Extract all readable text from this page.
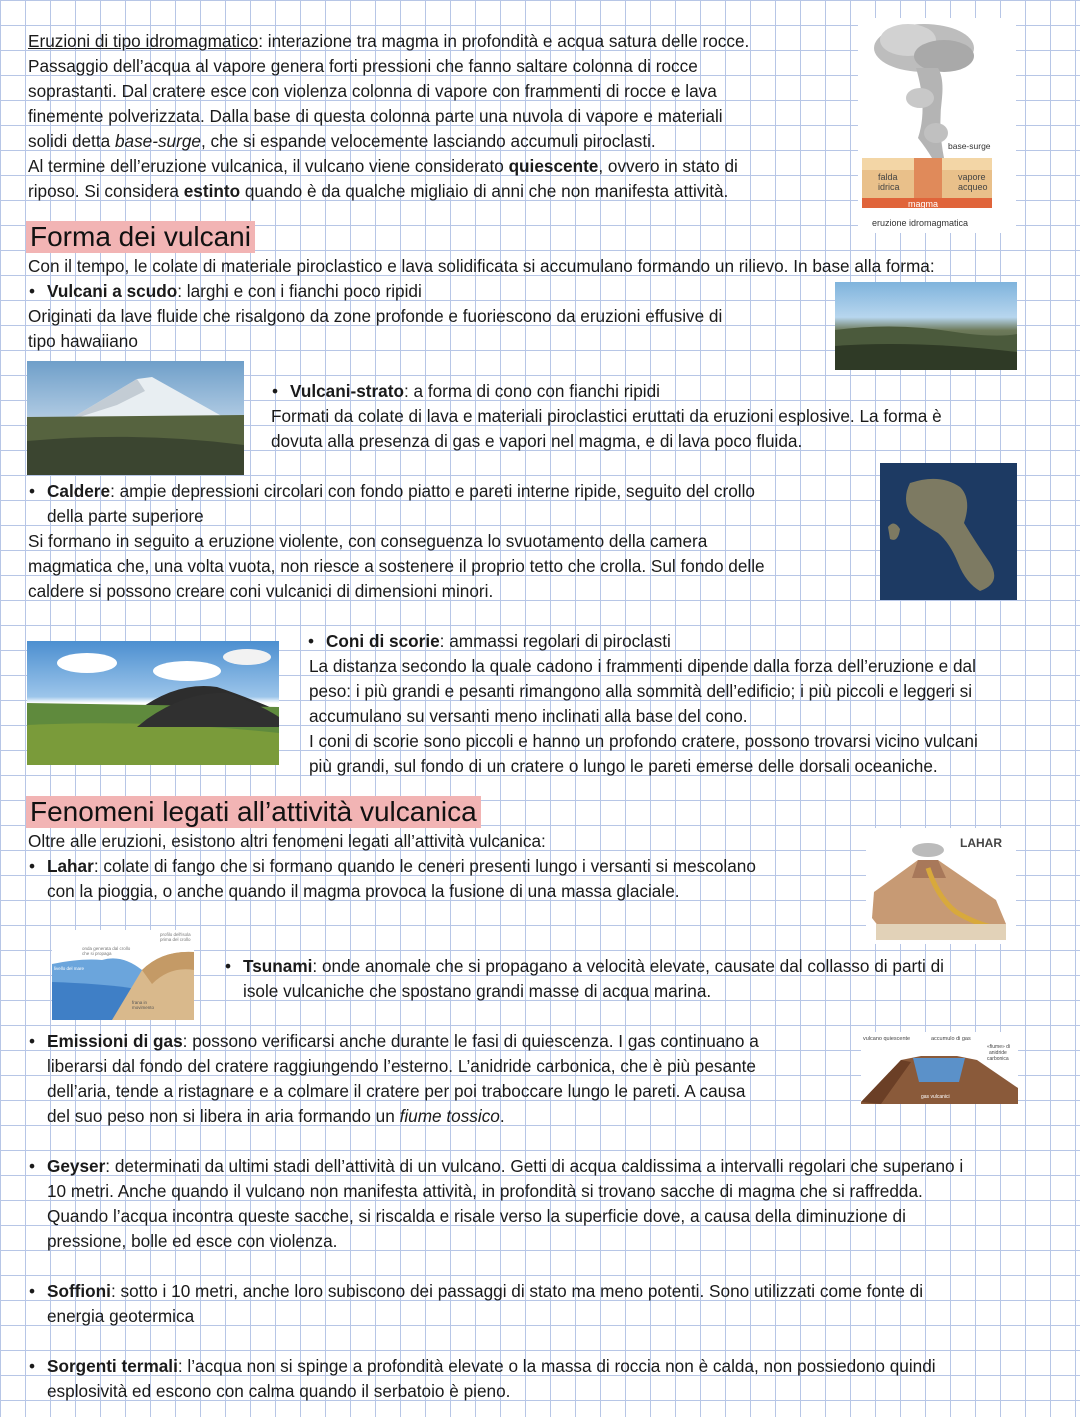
Eruzioni di tipo idromagmatico: interazione tra magma in profondità e acqua satura delle rocce.
Passaggio dell’acqua al vapore genera forti pressioni che fanno saltare colonna di rocce
soprastanti. Dal cratere esce con violenza colonna di vapore con frammenti di rocce e lava
finemente polverizzata. Dalla base di questa colonna parte una nuvola di vapore e materiali
solidi detta base-surge, che si espande velocemente lasciando accumuli piroclasti.
Al termine dell’eruzione vulcanica, il vulcano viene considerato quiescente, ovvero in stato di
riposo. Si considera estinto quando è da qualche migliaio di anni che non manifesta attività.
base-surge
falda
idrica
vapore
acqueo
magma
eruzione idromagmatica
Forma dei vulcani
Con il tempo, le colate di materiale piroclastico e lava solidificata si accumulano formando un rilievo. In base alla forma:
• Vulcani a scudo: larghi e con i fianchi poco ripidi
Originati da lave fluide che risalgono da zone profonde e fuoriescono da eruzioni effusive di
tipo hawaiiano
• Vulcani-strato: a forma di cono con fianchi ripidi
Formati da colate di lava e materiali piroclastici eruttati da eruzioni esplosive. La forma è
dovuta alla presenza di gas e vapori nel magma, e di lava poco fluida.
• Caldere: ampie depressioni circolari con fondo piatto e pareti interne ripide, seguito del crollo
della parte superiore
Si formano in seguito a eruzione violente, con conseguenza lo svuotamento della camera
magmatica che, una volta vuota, non riesce a sostenere il proprio tetto che crolla. Sul fondo delle
caldere si possono creare coni vulcanici di dimensioni minori.
• Coni di scorie: ammassi regolari di piroclasti
La distanza secondo la quale cadono i frammenti dipende dalla forza dell’eruzione e dal
peso: i più grandi e pesanti rimangono alla sommità dell’edificio; i più piccoli e leggeri si
accumulano su versanti meno inclinati alla base del cono.
I coni di scorie sono piccoli e hanno un profondo cratere, possono trovarsi vicino vulcani
più grandi, sul fondo di un cratere o lungo le pareti emerse delle dorsali oceaniche.
Fenomeni legati all’attività vulcanica
Oltre alle eruzioni, esistono altri fenomeni legati all’attività vulcanica:
• Lahar: colate di fango che si formano quando le ceneri presenti lungo i versanti si mescolano
con la pioggia, o anche quando il magma provoca la fusione di una massa glaciale.
LAHAR
profilo dell'isola
prima del crollo
onda generata dal crollo
che si propaga
livello del mare
frana in
movimento
• Tsunami: onde anomale che si propagano a velocità elevate, causate dal collasso di parti di
isole vulcaniche che spostano grandi masse di acqua marina.
• Emissioni di gas: possono verificarsi anche durante le fasi di quiescenza. I gas continuano a
liberarsi dal fondo del cratere raggiungendo l’esterno. L’anidride carbonica, che è più pesante
dell’aria, tende a ristagnare e a colmare il cratere per poi traboccare lungo le pareti. A causa
del suo peso non si libera in aria formando un fiume tossico.
vulcano quiescente	accumulo di gas
«fiume» di
anidride
carbonica
gas vulcanici
• Geyser: determinati da ultimi stadi dell’attività di un vulcano. Getti di acqua caldissima a intervalli regolari che superano i
10 metri. Anche quando il vulcano non manifesta attività, in profondità si trovano sacche di magma che si raffredda.
Quando l’acqua incontra queste sacche, si riscalda e risale verso la superficie dove, a causa della diminuzione di
pressione, bolle ed esce con violenza.
• Soffioni: sotto i 10 metri, anche loro subiscono dei passaggi di stato ma meno potenti. Sono utilizzati come fonte di
energia geotermica
• Sorgenti termali: l’acqua non si spinge a profondità elevate o la massa di roccia non è calda, non possiedono quindi
esplosività ed escono con calma quando il serbatoio è pieno.
